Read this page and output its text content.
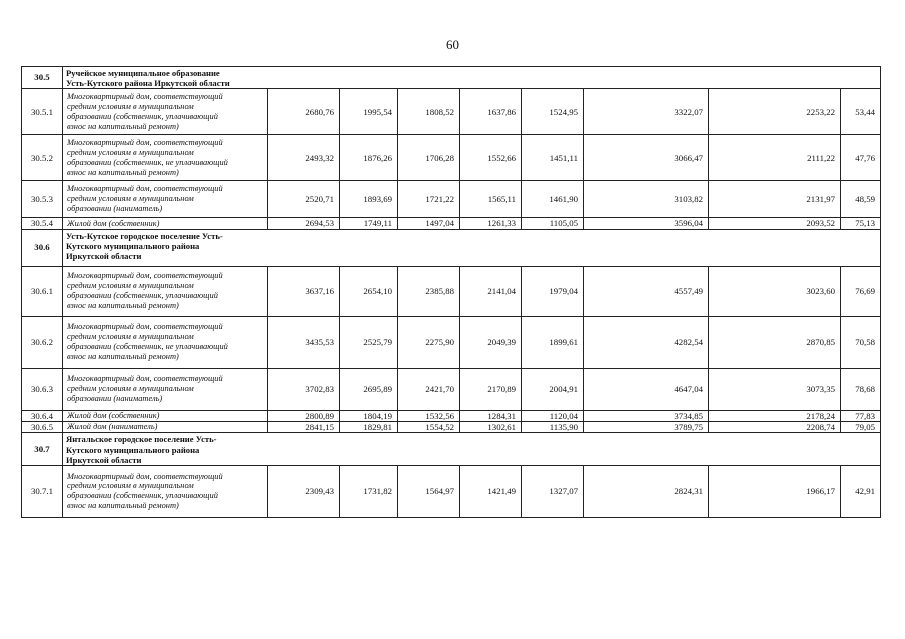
60
30.5	Ручейское муниципальное образование
Усть-Кутского района Иркутской области								

30.5.1	Многоквартирный дом, соответствующий
средним условиям в муниципальном
образовании (собственник, уплачивающий
взнос на капитальный ремонт)	2680,76	1995,54	1808,52	1637,86	1524,95	3322,07	2253,22	53,44
30.5.2	Многоквартирный дом, соответствующий
средним условиям в муниципальном
образовании (собственник, не уплачивающий
взнос на капитальный ремонт)	2493,32	1876,26	1706,28	1552,66	1451,11	3066,47	2111,22	47,76
30.5.3	Многоквартирный дом, соответствующий
средним условиям в муниципальном
образовании (наниматель)	2520,71	1893,69	1721,22	1565,11	1461,90	3103,82	2131,97	48,59
30.5.4	Жилой дом (собственник)	2694,53	1749,11	1497,04	1261,33	1105,05	3596,04	2093,52	75,13
30.6	Усть-Кутское городское поселение Усть-
Кутского муниципального района
Иркутской области								

30.6.1	Многоквартирный дом, соответствующий
средним условиям в муниципальном
образовании (собственник, уплачивающий
взнос на капитальный ремонт)	3637,16	2654,10	2385,88	2141,04	1979,04	4557,49	3023,60	76,69
30.6.2	Многоквартирный дом, соответствующий
средним условиям в муниципальном
образовании (собственник, не уплачивающий
взнос на капитальный ремонт)	3435,53	2525,79	2275,90	2049,39	1899,61	4282,54	2870,85	70,58
30.6.3	Многоквартирный дом, соответствующий
средним условиям в муниципальном
образовании (наниматель)	3702,83	2695,89	2421,70	2170,89	2004,91	4647,04	3073,35	78,68
30.6.4	Жилой дом (собственник)	2800,89	1804,19	1532,56	1284,31	1120,04	3734,85	2178,24	77,83
30.6.5	Жилой дом (наниматель)	2841,15	1829,81	1554,52	1302,61	1135,90	3789,75	2208,74	79,05
30.7	Янтальское городское поселение Усть-
Кутского муниципального района
Иркутской области								

30.7.1	Многоквартирный дом, соответствующий
средним условиям в муниципальном
образовании (собственник, уплачивающий
взнос на капитальный ремонт)	2309,43	1731,82	1564,97	1421,49	1327,07	2824,31	1966,17	42,91
